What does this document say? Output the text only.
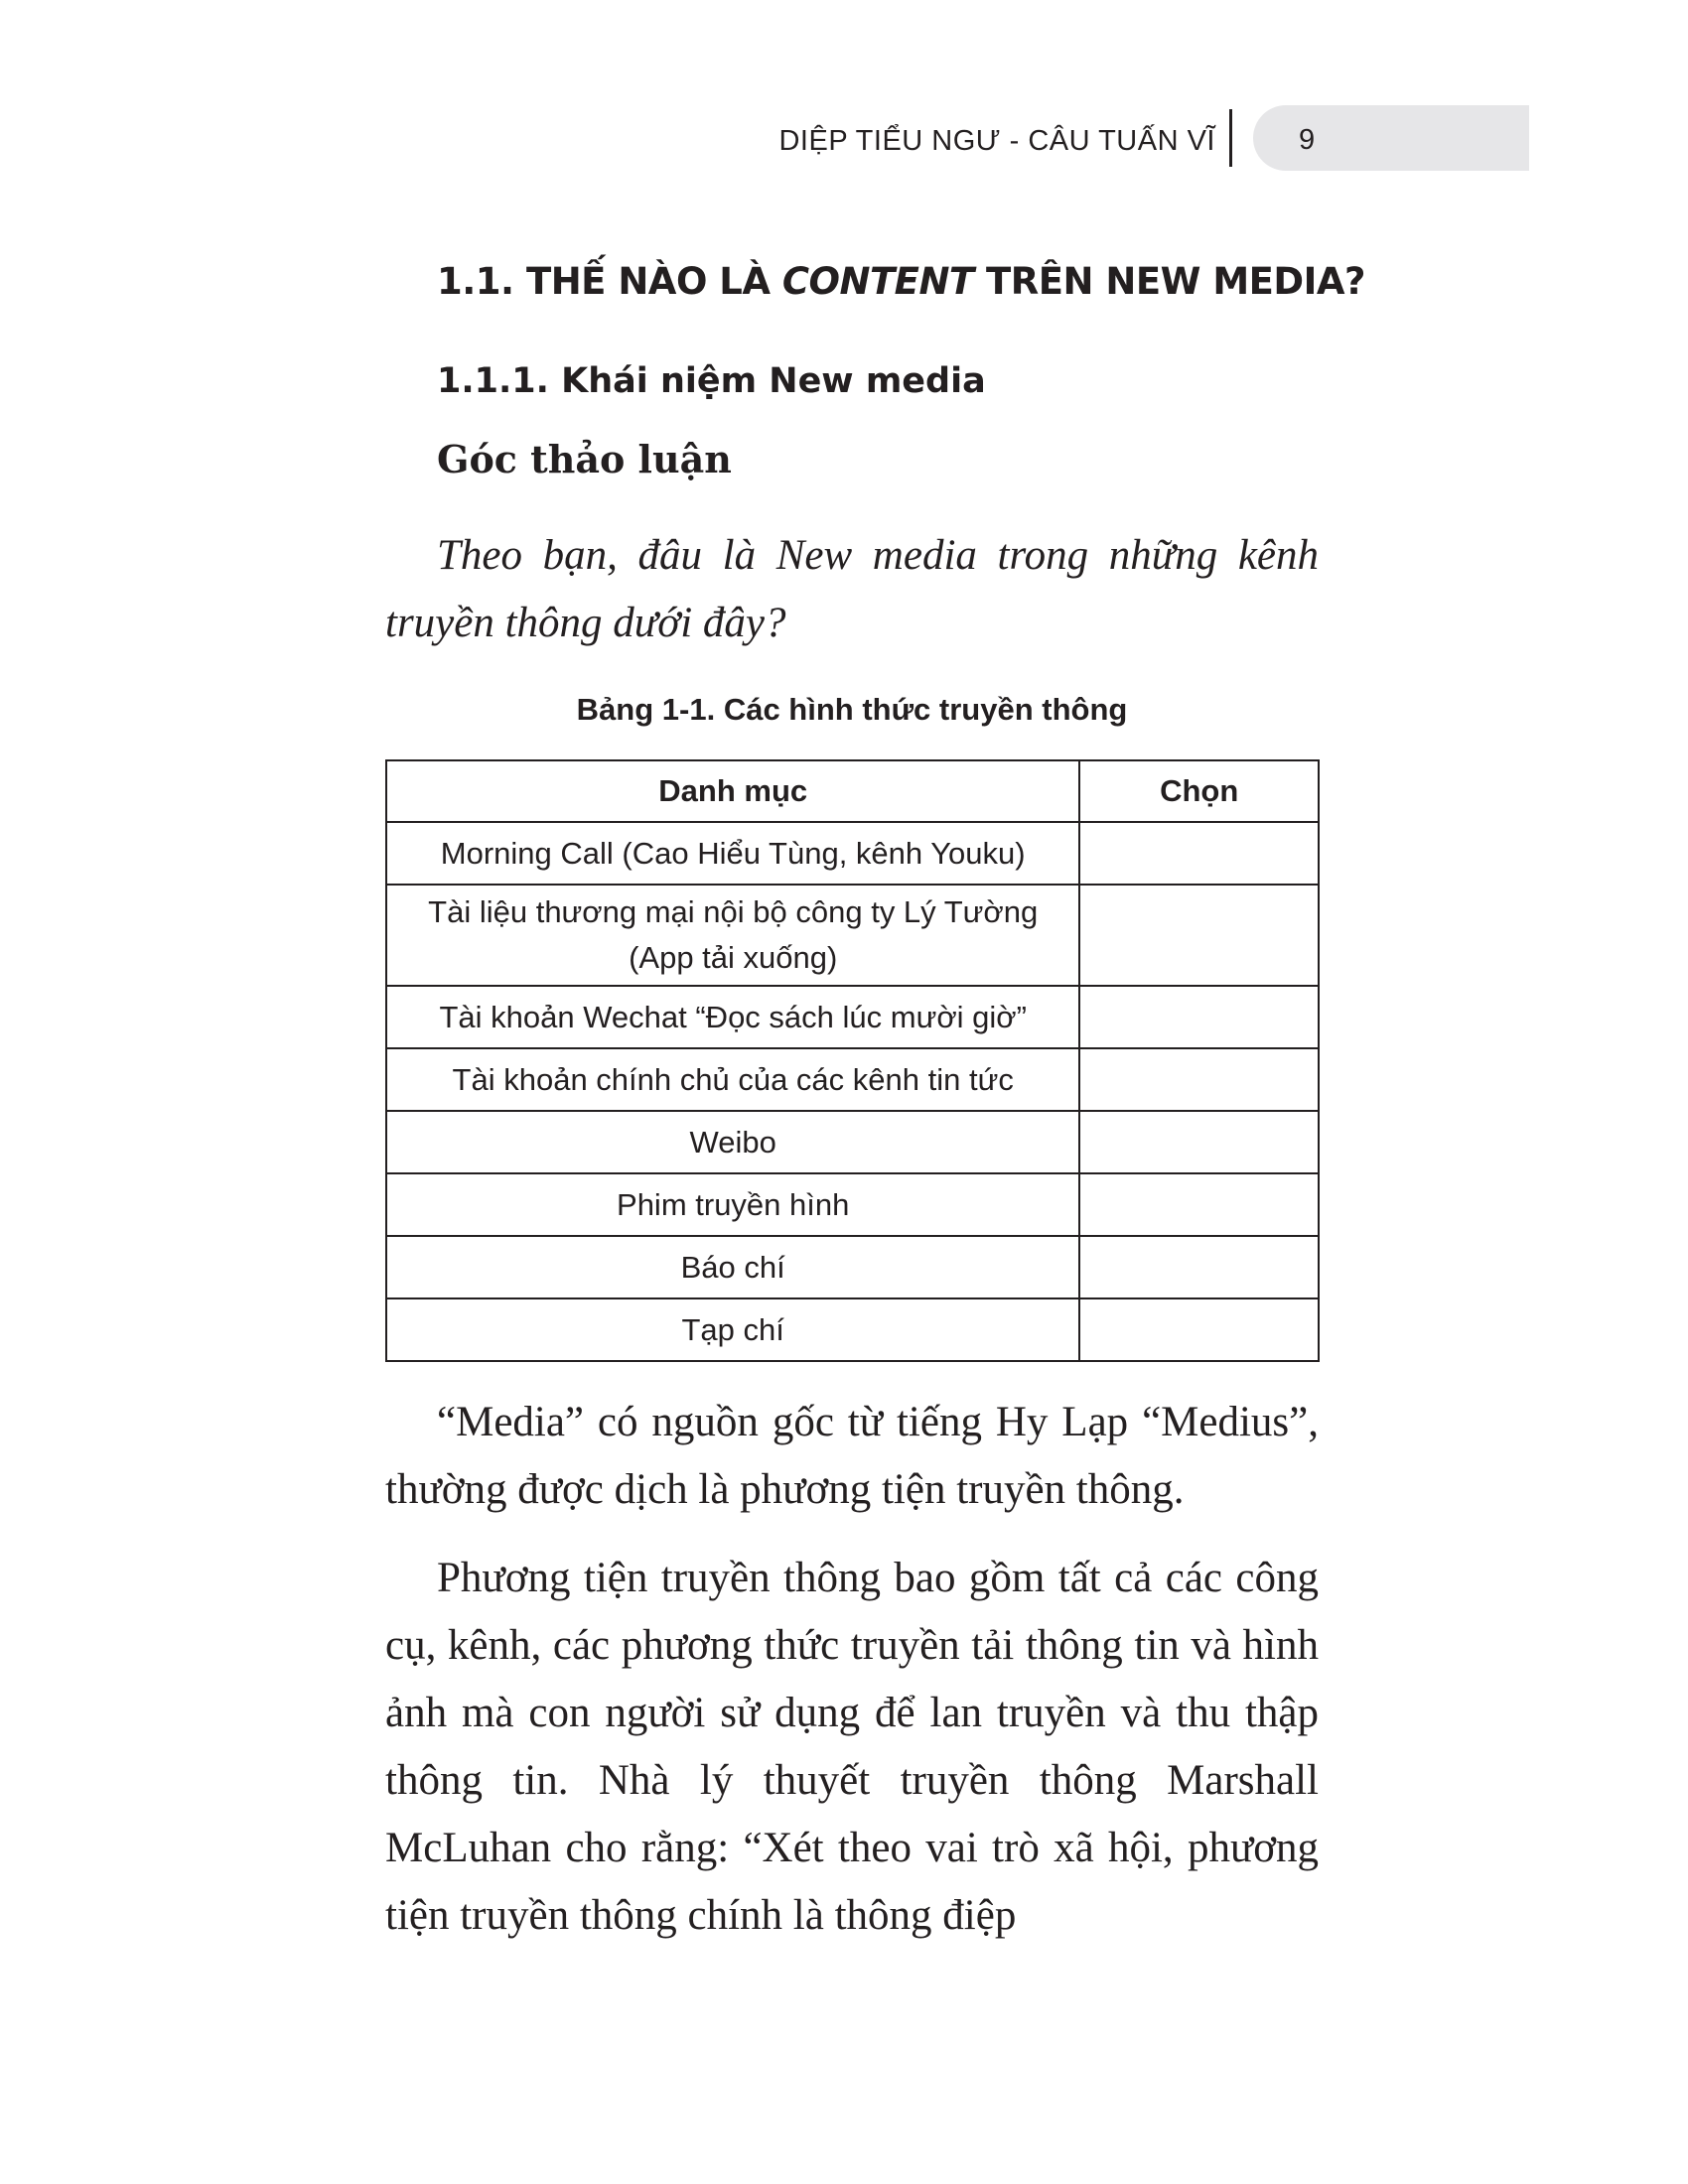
DIỆP TIỂU NGƯ - CÂU TUẤN VĨ	9
1.1. THẾ NÀO LÀ CONTENT TRÊN NEW MEDIA?
1.1.1. Khái niệm New media
Góc thảo luận

Theo bạn, đâu là New media trong những kênh truyền thông dưới đây?

Bảng 1-1. Các hình thức truyền thông
Danh mục	Chọn
Morning Call (Cao Hiểu Tùng, kênh Youku)	
Tài liệu thương mại nội bộ công ty Lý Tường
(App tải xuống)	
Tài khoản Wechat “Đọc sách lúc mười giờ”	
Tài khoản chính chủ của các kênh tin tức	
Weibo	
Phim truyền hình	
Báo chí	
Tạp chí	

“Media” có nguồn gốc từ tiếng Hy Lạp “Medius”, thường được dịch là phương tiện truyền thông.

Phương tiện truyền thông bao gồm tất cả các công cụ, kênh, các phương thức truyền tải thông tin và hình ảnh mà con người sử dụng để lan truyền và thu thập thông tin. Nhà lý thuyết truyền thông Marshall McLuhan cho rằng: “Xét theo vai trò xã hội, phương tiện truyền thông chính là thông điệp
